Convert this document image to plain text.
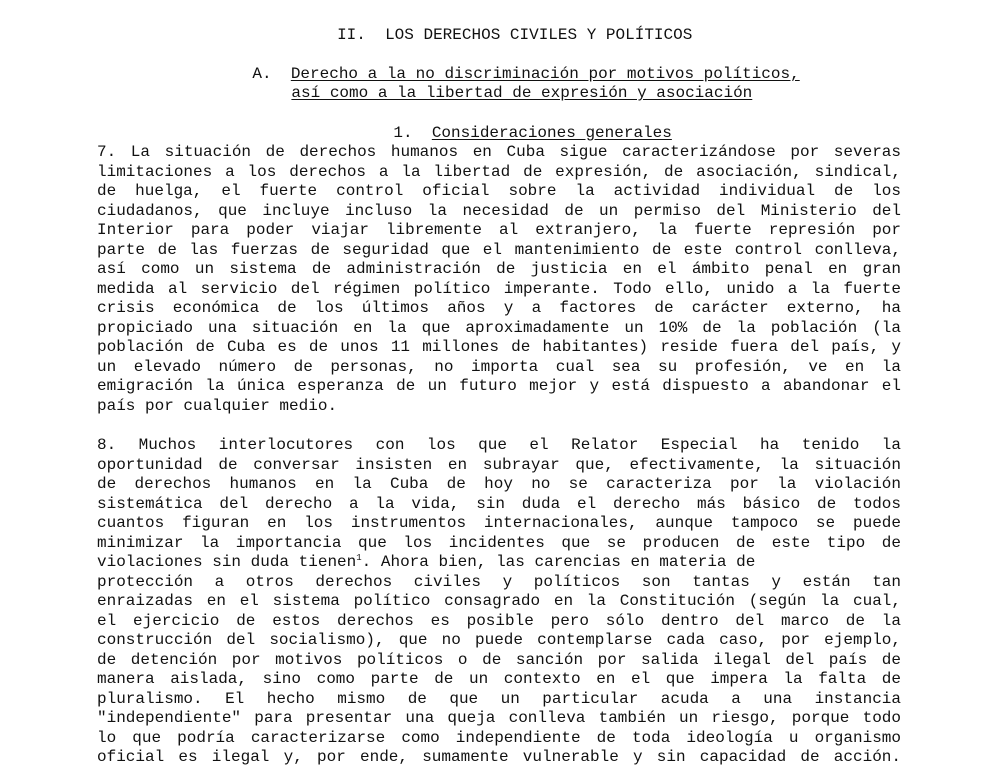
II.  LOS DERECHOS CIVILES Y POLÍTICOS

A. Derecho a la no discriminación por motivos políticos,

así como a la libertad de expresión y asociación

1. Consideraciones generales

7. La situación de derechos humanos en Cuba sigue caracterizándose por severas
limitaciones a los derechos a la libertad de expresión, de asociación, sindical,
de huelga, el fuerte control oficial sobre la actividad individual de los
ciudadanos, que incluye incluso la necesidad de un permiso del Ministerio del
Interior para poder viajar libremente al extranjero, la fuerte represión por
parte de las fuerzas de seguridad que el mantenimiento de este control conlleva,
así como un sistema de administración de justicia en el ámbito penal en gran
medida al servicio del régimen político imperante. Todo ello, unido a la fuerte
crisis económica de los últimos años y a factores de carácter externo, ha
propiciado una situación en la que aproximadamente un 10% de la población (la
población de Cuba es de unos 11 millones de habitantes) reside fuera del país, y
un elevado número de personas, no importa cual sea su profesión, ve en la
emigración la única esperanza de un futuro mejor y está dispuesto a abandonar el
país por cualquier medio.
8. Muchos interlocutores con los que el Relator Especial ha tenido la
oportunidad de conversar insisten en subrayar que, efectivamente, la situación
de derechos humanos en la Cuba de hoy no se caracteriza por la violación
sistemática del derecho a la vida, sin duda el derecho más básico de todos
cuantos figuran en los instrumentos internacionales, aunque tampoco se puede
minimizar la importancia que los incidentes que se producen de este tipo de
violaciones sin duda tienen$^1$. Ahora bien, las carencias en materia de
protección a otros derechos civiles y políticos son tantas y están tan
enraizadas en el sistema político consagrado en la Constitución (según la cual,
el ejercicio de estos derechos es posible pero sólo dentro del marco de la
construcción del socialismo), que no puede contemplarse cada caso, por ejemplo,
de detención por motivos políticos o de sanción por salida ilegal del país de
manera aislada, sino como parte de un contexto en el que impera la falta de
pluralismo. El hecho mismo de que un particular acuda a una instancia
"independiente" para presentar una queja conlleva también un riesgo, porque todo
lo que podría caracterizarse como independiente de toda ideología u organismo
oficial es ilegal y, por ende, sumamente vulnerable y sin capacidad de acción.
